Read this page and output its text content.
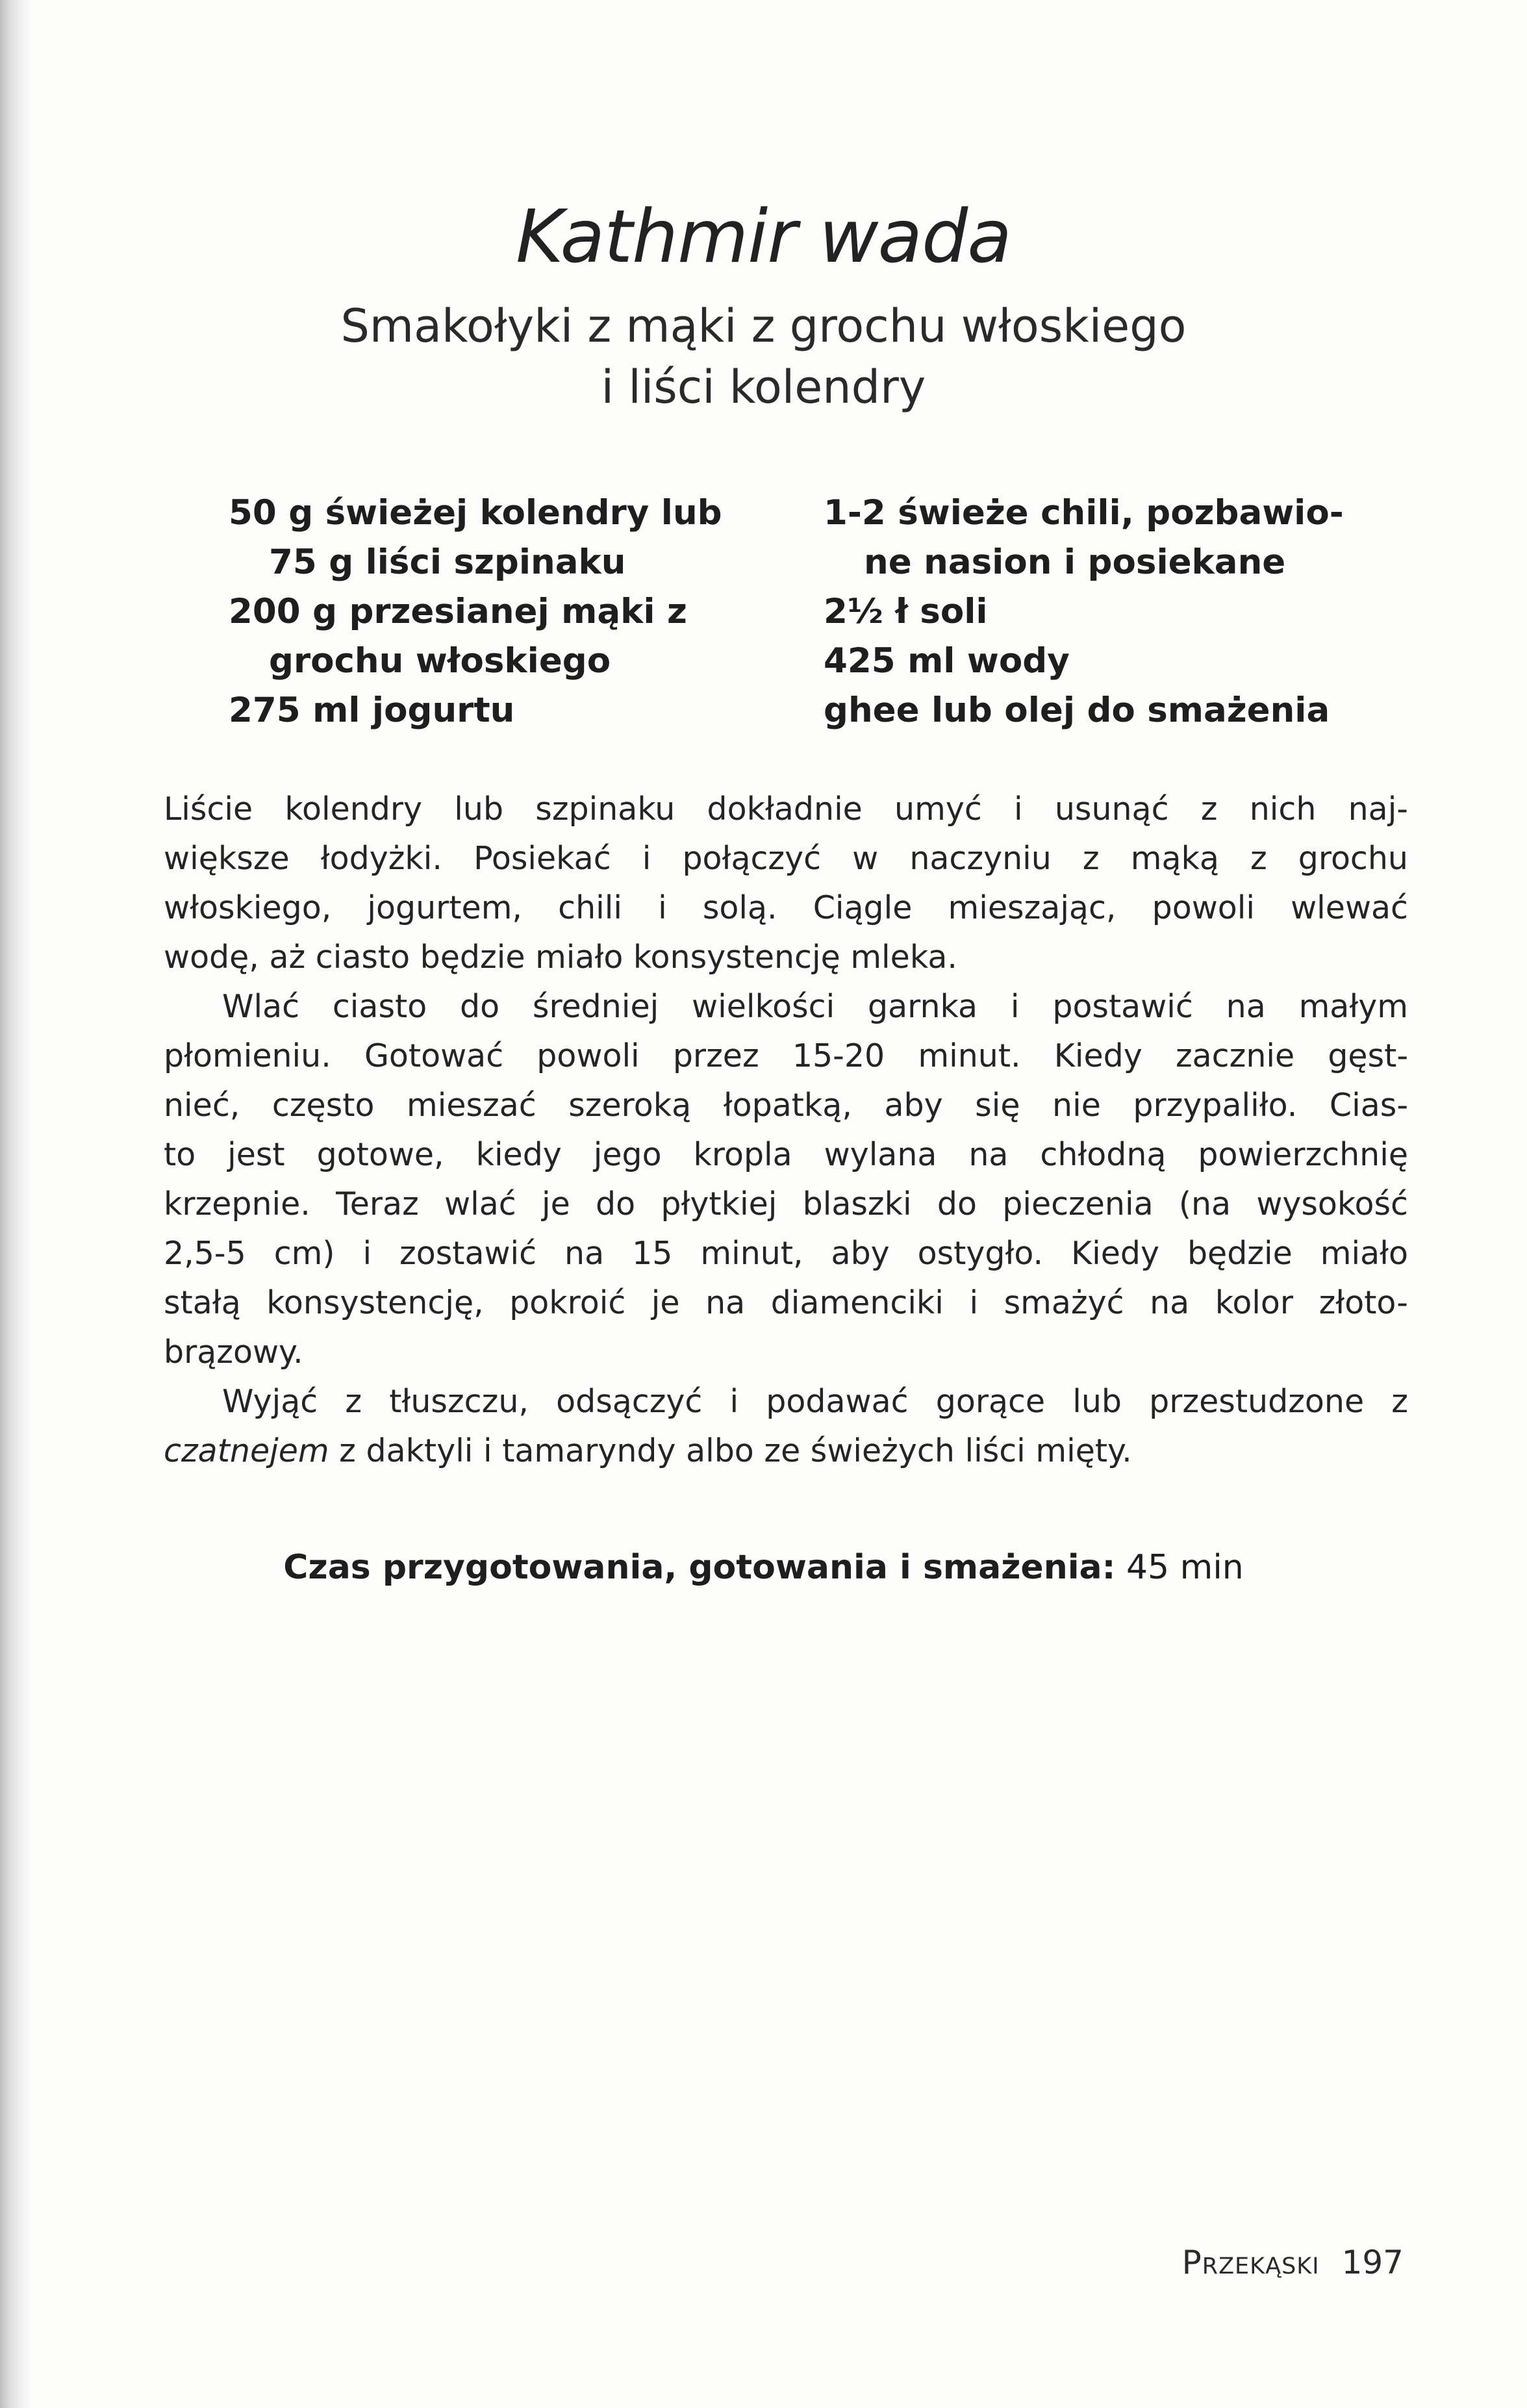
Kathmir wada
Smakołyki z mąki z grochu włoskiego
i liści kolendry
50 g świeżej kolendry lub
75 g liści szpinaku
200 g przesianej mąki z
grochu włoskiego
275 ml jogurtu
1-2 świeże chili, pozbawio-
ne nasion i posiekane
2½ ł soli
425 ml wody
ghee lub olej do smażenia
Liście kolendry lub szpinaku dokładnie umyć i usunąć z nich naj-
większe łodyżki. Posiekać i połączyć w naczyniu z mąką z grochu
włoskiego, jogurtem, chili i solą. Ciągle mieszając, powoli wlewać
wodę, aż ciasto będzie miało konsystencję mleka.
Wlać ciasto do średniej wielkości garnka i postawić na małym
płomieniu. Gotować powoli przez 15-20 minut. Kiedy zacznie gęst-
nieć, często mieszać szeroką łopatką, aby się nie przypaliło. Cias-
to jest gotowe, kiedy jego kropla wylana na chłodną powierzchnię
krzepnie. Teraz wlać je do płytkiej blaszki do pieczenia (na wysokość
2,5-5 cm) i zostawić na 15 minut, aby ostygło. Kiedy będzie miało
stałą konsystencję, pokroić je na diamenciki i smażyć na kolor złoto-
brązowy.
Wyjąć z tłuszczu, odsączyć i podawać gorące lub przestudzone z
czatnejem z daktyli i tamaryndy albo ze świeżych liści mięty.
Czas przygotowania, gotowania i smażenia: 45 min
Przekąski 197
